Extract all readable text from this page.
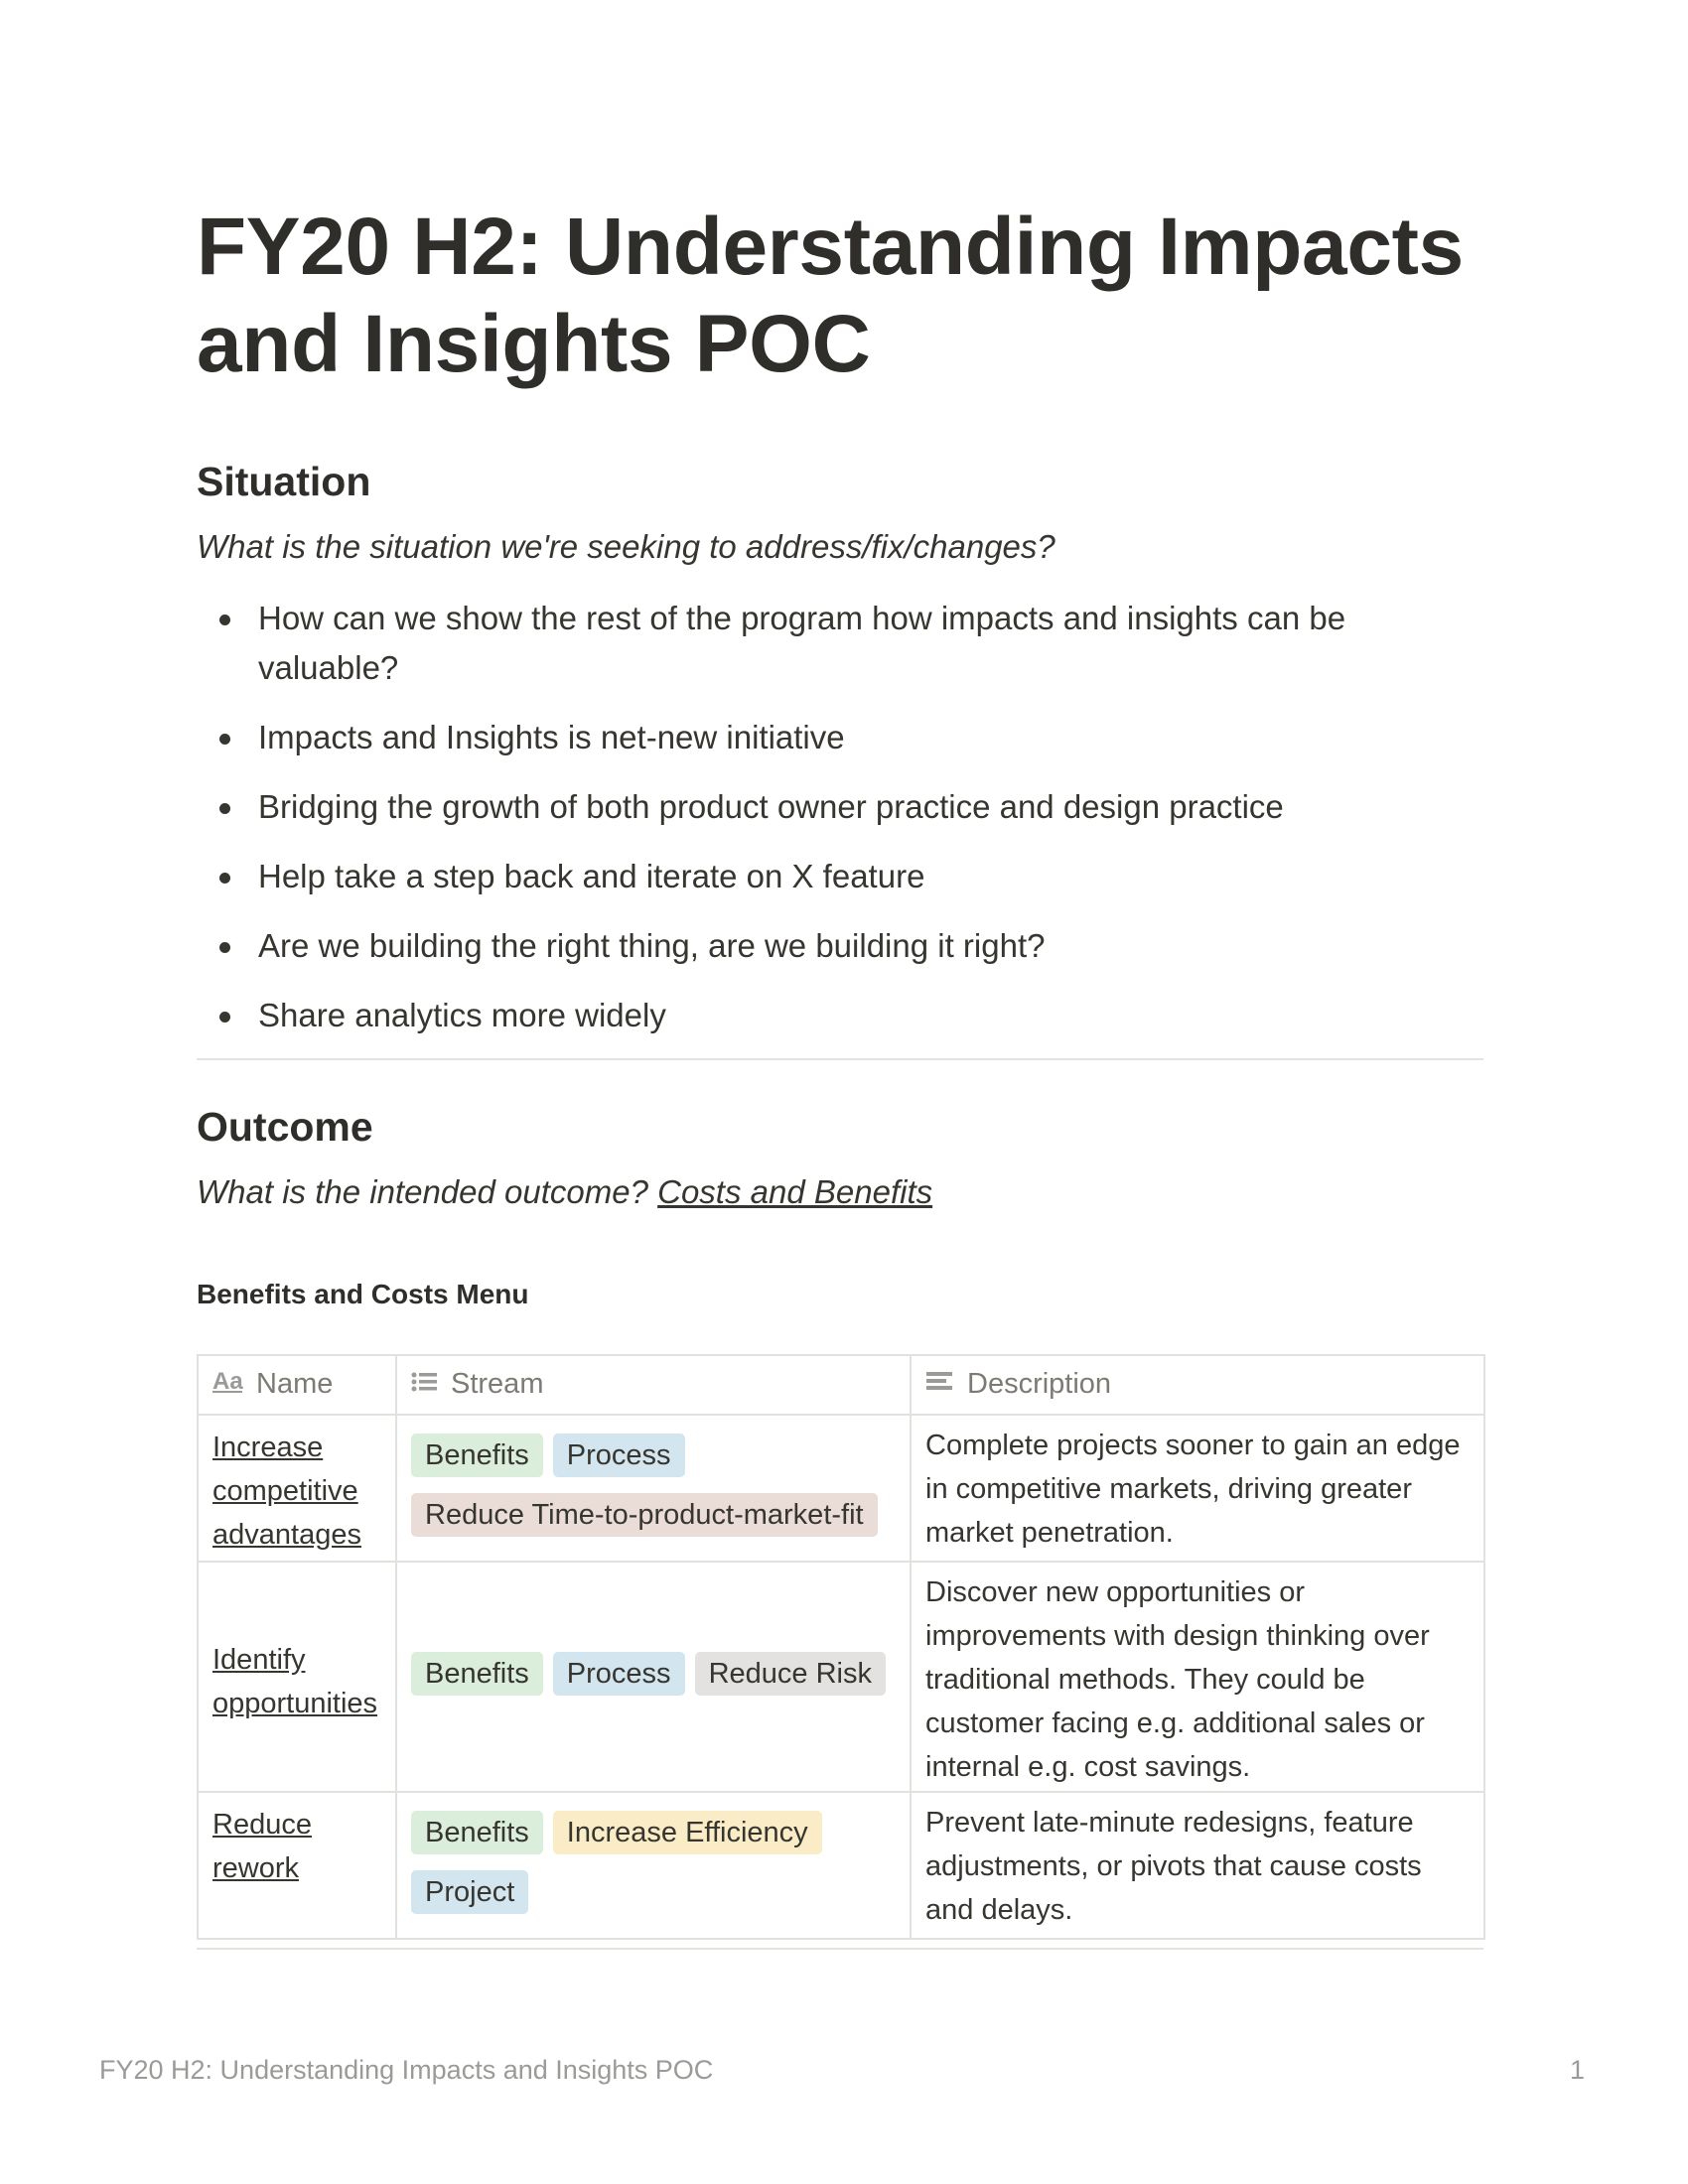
FY20 H2: Understanding Impacts
and Insights POC
Situation
What is the situation we're seeking to address/fix/changes?
How can we show the rest of the program how impacts and insights can be valuable?
Impacts and Insights is net-new initiative
Bridging the growth of both product owner practice and design practice
Help take a step back and iterate on X feature
Are we building the right thing, are we building it right?
Share analytics more widely
Outcome
What is the intended outcome? Costs and Benefits
Benefits and Costs Menu
Aa Name	Stream	Description
Increase competitive advantages	Benefits ProcessReduce Time-to-product-market-fit	Complete projects sooner to gain an edge in competitive markets, driving greater market penetration.
Identify opportunities	Benefits Process Reduce Risk	Discover new opportunities or improvements with design thinking over traditional methods. They could be customer facing e.g. additional sales or internal e.g. cost savings.
Reduce rework	Benefits Increase EfficiencyProject	Prevent late-minute redesigns, feature adjustments, or pivots that cause costs and delays.
FY20 H2: Understanding Impacts and Insights POC	1
